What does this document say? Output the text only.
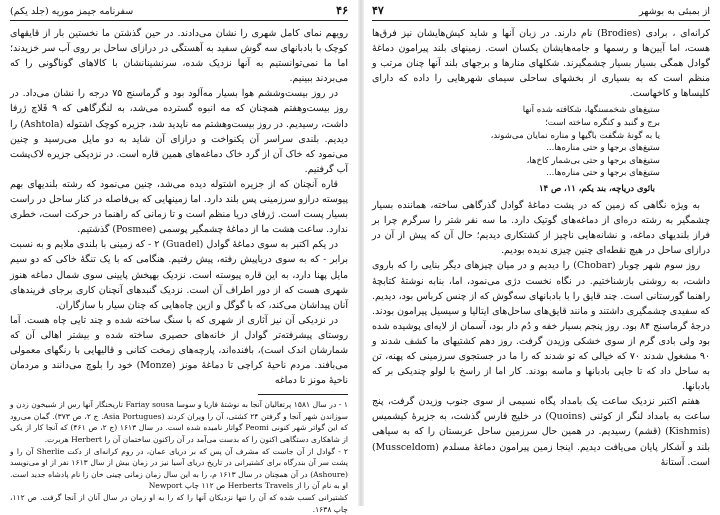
۴۶
سفرنامه جیمز موریه (جلد یکم)

رویهم نمای کامل شهری را نشان می‌دادند. در حین گذشتن ما نخستین بار از قایقهای کوچک با بادبانهای سه گوش سفید به آهستگی در درازای ساحل بر روی آب سر خزیدند؛ اما ما نمی‌توانستیم به آنها نزدیک شده، سرنشینانشان با کالاهای گوناگونی را که می‌بردند ببینیم.

در روز بیست‌وششم هوا بسیار مه‌آلود بود و گرماسنج ۷۵ درجه را نشان می‌داد. در روز بیست‌وهفتم همچنان که مه انبوه گسترده می‌شد، به لنگرگاهی که ۹ فَلاچ ژرفا داشت، رسیدیم. در روز بیست‌وهشتم مه ناپدید شد، جزیره کوچک اشتوله (Ashtola) را دیدیم. بلندی سراسر آن یکنواخت و درازای آن شاید به دو مایل می‌رسید و چنین می‌نمود که خاک آن از گرد خاک دماغه‌های همین قاره است. در نزدیکی جزیره لاک‌پشت آب گرفتیم.

قاره آنچنان که از جزیره اشتوله دیده می‌شد، چنین می‌نمود که رشته بلندیهای بهم پیوسته درازو سرزمینی پس بلند دارد. اما زمینهایی که بی‌فاصله در کنار ساحل در راست بسیار پست است. ژرفای دریا منظم است و تا زمانی که راهنما در حرکت است، خطری ندارد. ساعت هشت ما از دماغهٔ چشمگیر پوسمی (Posmee) گذشتیم.

در یکم اکتبر به سوی دماغهٔ گوادل (Guadel) ۲ - که زمینی با بلندی ملایم و به نسبت برابر - که به سوی دریاپیش رفته، پیش رفتیم. هنگامی که با یک تنگهٔ خاکی که دو سیم مایل پهنا دارد، به این قاره پیوسته است. نزدیک بهپخش پایینی سوی شمال دماغه هنوز شهری هست که از دور اطراف آن است. نزدیک گنبدهای آنچنان کاری برجای فریندهای آنان پیداشان می‌کند، که با گوگل و ازین چاه‌هایی که چنان سیار با سازگاران.

در نزدیکی آن نیز آثاری از شهری که با سنگ ساخته شده و چند تایی چاه هست. آما روستای پیشرفته‌تر گوادل از خانه‌های حصیری ساخته شده و بیشتر اهالی آن که شمارشان اندک است)، بافنده‌اند، پارچه‌های زمخت کتانی و قالیهایی با رنگهای معمولی می‌بافند. مردم ناحیهٔ کراچی تا دماغهٔ مونز (Monze) خود را بلوچ می‌دانند و مردمان ناحیهٔ مونز تا دماغه

۱ - در سال ۱۵۸۱ پرتغالیان آنجا به نوشتهٔ فاریا و سوسا Fariay sousa تاریخنگار آنها رس از شبیخون زدن و سوزاندن شهر آنجا و گرفتن ۲۴ کشتی، آن را ویران کردند (Asia Portugues. ج ۲، ص ۳۷۳). گمان می‌رود که این گواتر شهر کنونی Peomi گواتار نامیده شده است. در سال ۱۶۱۳ (ج ۲، ص ۴۶۱) که آنجا کار از یکی از شاهکاری دستگاهی اکنون را که بدست می‌آمد در آن راکنون ساختمان آن را Herbert هربرت.

۲ - گوادل از آن جاست که مشرف آن پس که بر دریای عمان، در روم کرانه‌ای از دکت Sherlie آن را و پشت سر آن بندرگاه برای کشتیرانی در تاریخ دریای آسیا نیز در زمان بیش از سال ۱۶۱۳ نفر از او می‌نویسد (Ashoure) در آن همچنان در سال ۱۶۱۳ م، را به این سال زمان زمانی چینی خان زا نام پادشاه جدید است. او به نام آن را از Herberts Travels ص ۱۱۲ چاپ Newport

کشتیرانی کسب شده که آن را تنها نزدیکان آنها را که را به او زمان در سال آنان از آنجا گرفت. ص ۱۱۲، چاپ ۱۶۳۸.

از بمبئی به بوشهر
۴۷

کرانه‌ای ، برادی (Brodies) نام دارند. در زبان آنها و شاید کیش‌هایشان نیز فرق‌ها هست، اما آیین‌ها و رسمها و جامه‌هایشان یکسان است. زمینهای بلند پیرامون دماغهٔ گوادل همگی بسیار بسیار چشمگیرند. شکلهای منارها و برجهای بلند آنها چنان مرتب و منظم است که به بسیاری از بخشهای ساحلی سیمای شهرهایی را داده که دارای کلیساها و کاخهاست.

ستیغ‌های شخمسنگها، شکافته شده آنها
برج و گنبد و کنگره ساخته است؛
یا به گونهٔ شگفت باگیها و مناره نمایان می‌شوند،
ستیغ‌های برجها و حتی مناره‌ها...
ستیغ‌های برجها و حتی بی‌شمار کاخ‌ها،
ستیغ‌های برجها و حتی مناره‌ها...
بائوی دریاچه، بند یکم، ۱۱، ص ۱۴

به ویژه نگاهی که زمین که در پشت دماغهٔ گوادل گذرگاهی ساخته، هماننده بسیار چشمگیر به رشته دره‌ای از دماغه‌های گوتیک دارد. ما سه نفر شتر را سرگرم چرا بر فراز بلندیهای دماغه، و نشانه‌هایی ناچیز از کشتکاری دیدیم؛ حال آن که پیش از آن در درازای ساحل در هیچ نقطه‌ای چنین چیزی ندیده بودیم.

روز سوم شهر چوبار (Chobar) را دیدیم و در میان چیزهای دیگر بنایی را که باروی داشت، به روشنی بازشناختیم. در نگاه نخست دژی می‌نمود، اما، بنابه نوشتهٔ کتابچهٔ راهنما گورستانی است. چند قایق را با بادبانهای سه‌گوش که از چنس کرباس بود، دیدیم. که سفیدی چشمگیری داشتند و مانند قایق‌های ساحل‌های ایتالیا و سیسیل پیرامون بودند. درجهٔ گرماسنج ۸۴ بود. روز پنجم بسیار خفه و دُم دار بود، آسمان از لایه‌ای پوشیده شده بود ولی بادی گرم از سوی خشکی وزیدن گرفت. روز دهم کشتیهای ما کشف شدند و ۹۰ مشغول شدند ۷۰ که خیالی که تو شدند که را ما در جستجوی سرزمینی که پهنه، تن به ساحل داد که تا جایی بادبانها و ماسه بودند. کار اما از راسخ با لولو چندیکی بر که بادبانها.

هفتم اکتبر نزدیک ساعت یک بامداد پگاه نسیمی از سوی جنوب وزیدن گرفت، پنج ساعت به بامداد لنگر از کوئنی (Quoins) در خلیج فارس گذشت، به جزیرهٔ کیشمیس (Kishmis) (قشم) رسیدیم. در همین حال سرزمین ساحل عربستان را که به سیاهی بلند و آشکار پایان می‌یافت دیدیم. اینجا زمین پیرامون دماغهٔ مسلدم (Mussceldom) است. آستانهٔ
